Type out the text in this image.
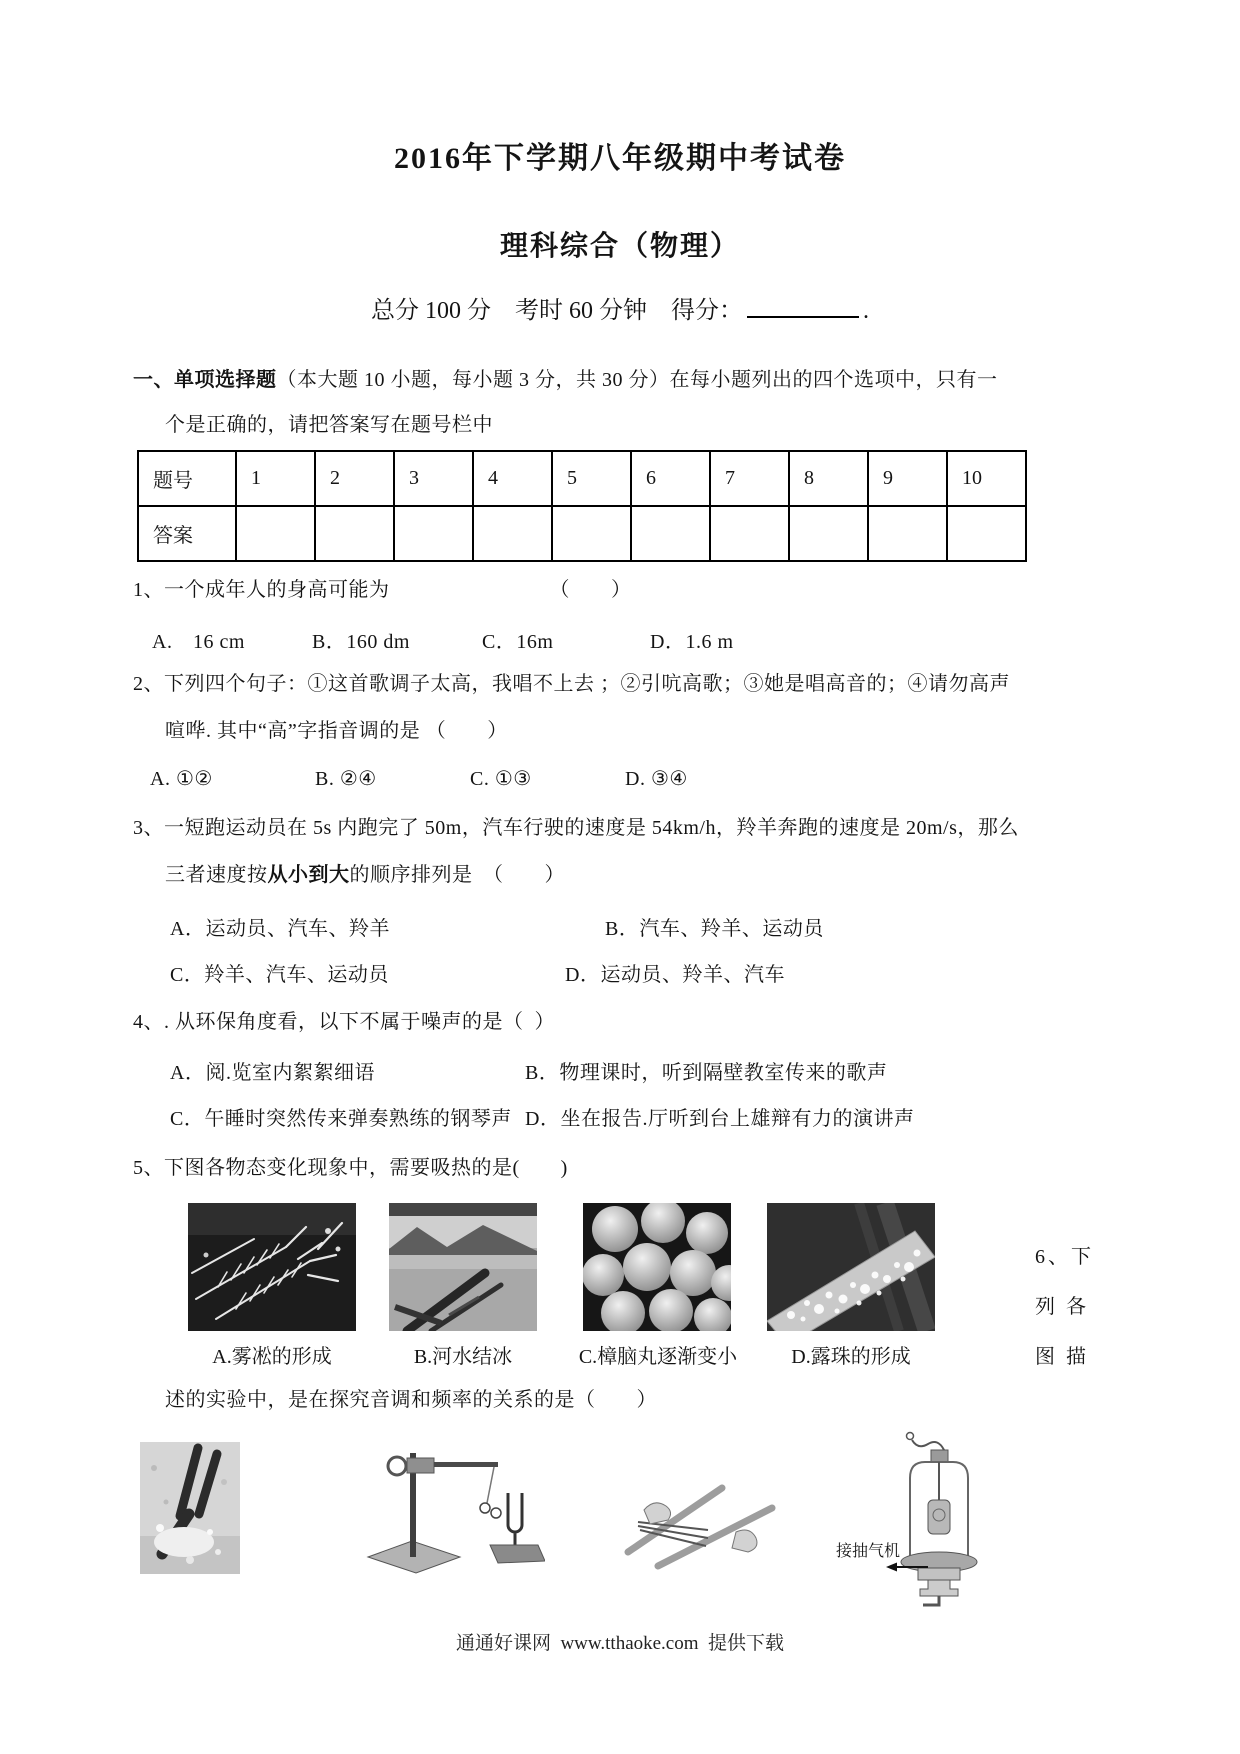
2016年下学期八年级期中考试卷
理科综合（物理）
总分 100 分　 考时 60 分钟　 得分：	.
一、单项选择题（本大题 10 小题，每小题 3 分，共 30 分）在每小题列出的四个选项中，只有一
个是正确的，请把答案写在题号栏中
题号	1	2	3	4	5	6	7	8	9	10
答案										
1、一个成年人的身高可能为	（　　）
A.　16 cm	B．160 dm	C．16m	D．1.6 m
2、下列四个句子：①这首歌调子太高，我唱不上去 ；②引吭高歌；③她是唱高音的；④请勿高声
喧哗. 其中“高”字指音调的是 （　　）
A. ①②	B. ②④	C. ①③	D. ③④
3、一短跑运动员在 5s 内跑完了 50m，汽车行驶的速度是 54km/h，羚羊奔跑的速度是 20m/s，那么
三者速度按从小到大的顺序排列是　（　　）
A．运动员、汽车、羚羊	B．汽车、羚羊、运动员
C．羚羊、汽车、运动员	D．运动员、羚羊、汽车
4、. 从环保角度看，以下不属于噪声的是（  ）
A．阅.览室内絮絮细语	B．物理课时，听到隔壁教室传来的歌声
C．午睡时突然传来弹奏熟练的钢琴声 D．坐在报告.厅听到台上雄辩有力的演讲声
5、下图各物态变化现象中，需要吸热的是(　　)
A.雾凇的形成	B.河水结冰	C.樟脑丸逐渐变小	D.露珠的形成
6、下
列 各
图 描
述的实验中，是在探究音调和频率的关系的是（　　）
接抽气机
通通好课网  www.tthaoke.com  提供下载
